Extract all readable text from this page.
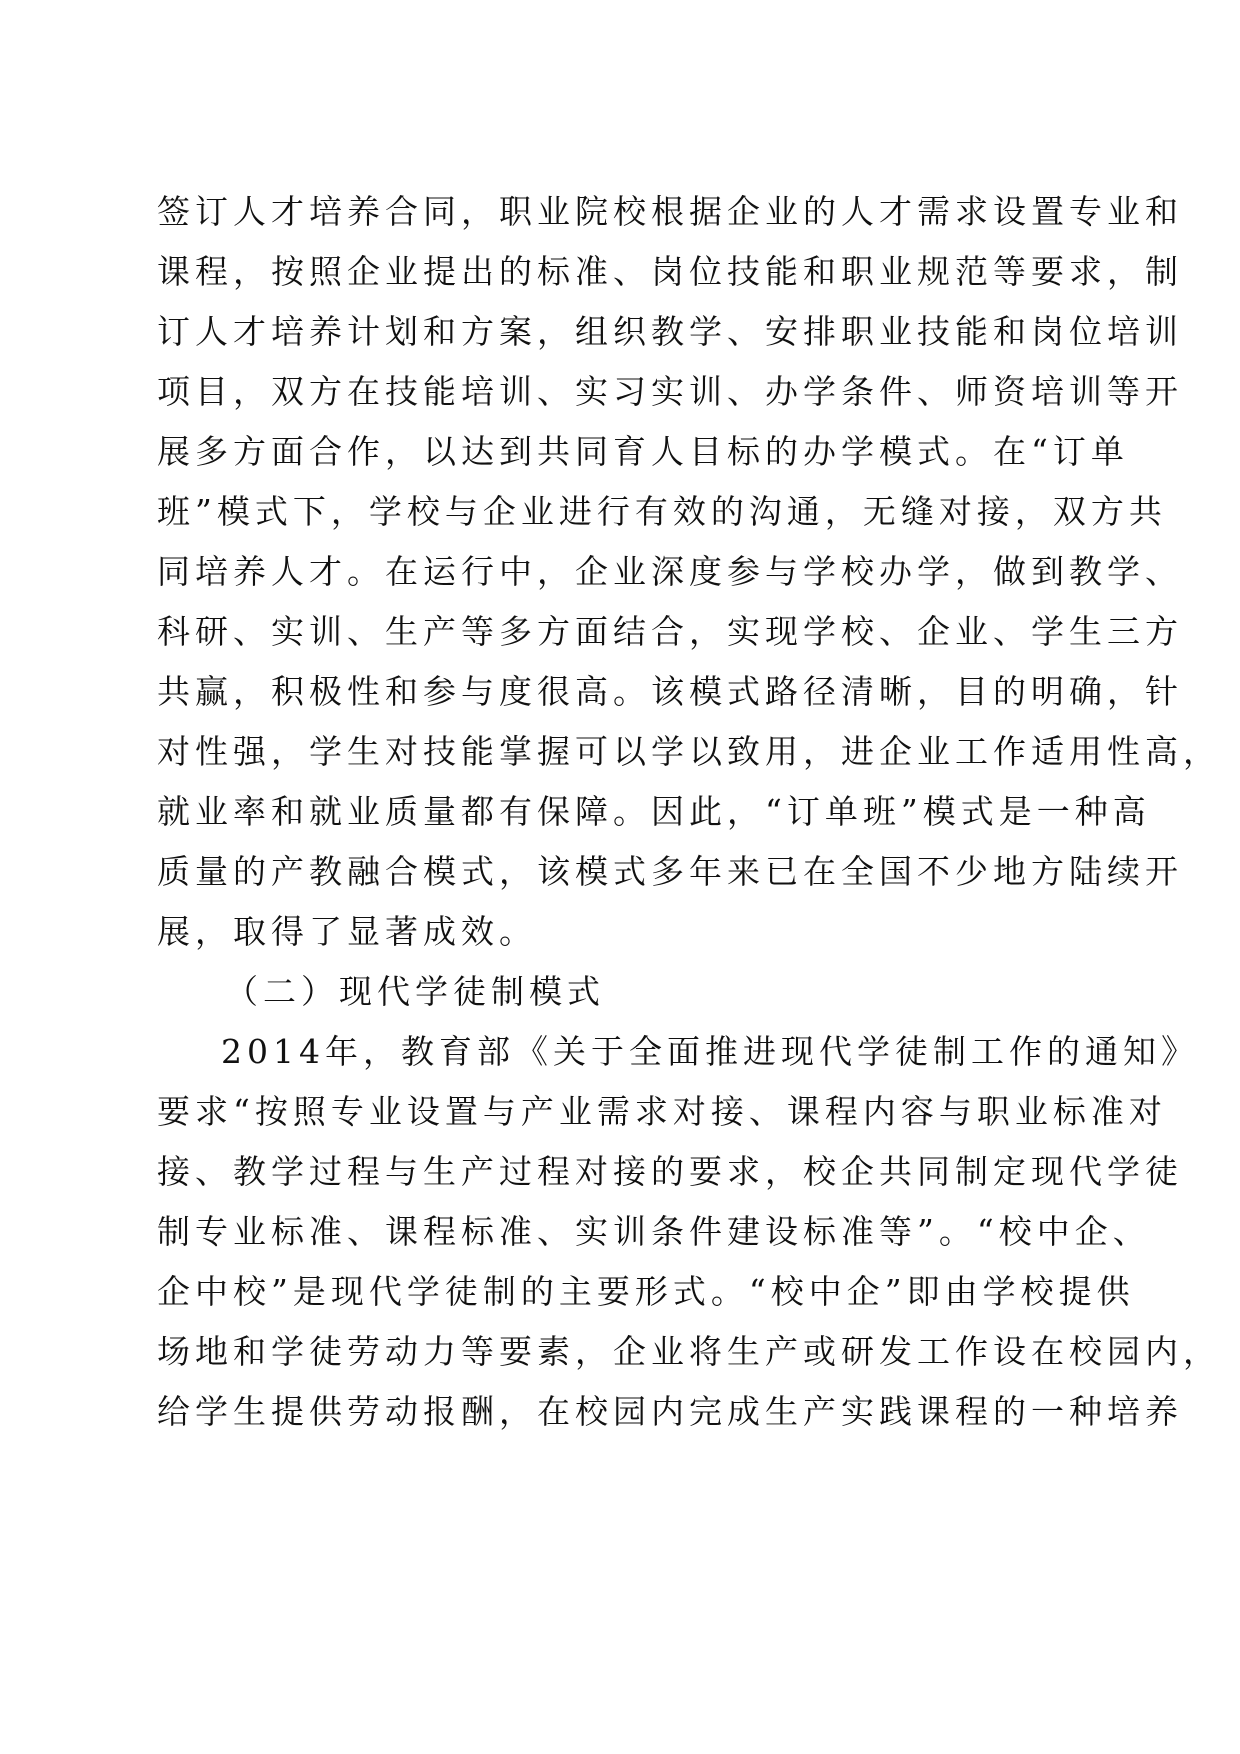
签订人才培养合同，职业院校根据企业的人才需求设置专业和
课程，按照企业提出的标准、岗位技能和职业规范等要求，制
订人才培养计划和方案，组织教学、安排职业技能和岗位培训
项目，双方在技能培训、实习实训、办学条件、师资培训等开
展多方面合作，以达到共同育人目标的办学模式。在“订单
班”模式下，学校与企业进行有效的沟通，无缝对接，双方共
同培养人才。在运行中，企业深度参与学校办学，做到教学、
科研、实训、生产等多方面结合，实现学校、企业、学生三方
共赢，积极性和参与度很高。该模式路径清晰，目的明确，针
对性强，学生对技能掌握可以学以致用，进企业工作适用性高，
就业率和就业质量都有保障。因此，“订单班”模式是一种高
质量的产教融合模式，该模式多年来已在全国不少地方陆续开
展，取得了显著成效。
（二）现代学徒制模式
2014年，教育部《关于全面推进现代学徒制工作的通知》
要求“按照专业设置与产业需求对接、课程内容与职业标准对
接、教学过程与生产过程对接的要求，校企共同制定现代学徒
制专业标准、课程标准、实训条件建设标准等”。“校中企、
企中校”是现代学徒制的主要形式。“校中企”即由学校提供
场地和学徒劳动力等要素，企业将生产或研发工作设在校园内，
给学生提供劳动报酬，在校园内完成生产实践课程的一种培养
